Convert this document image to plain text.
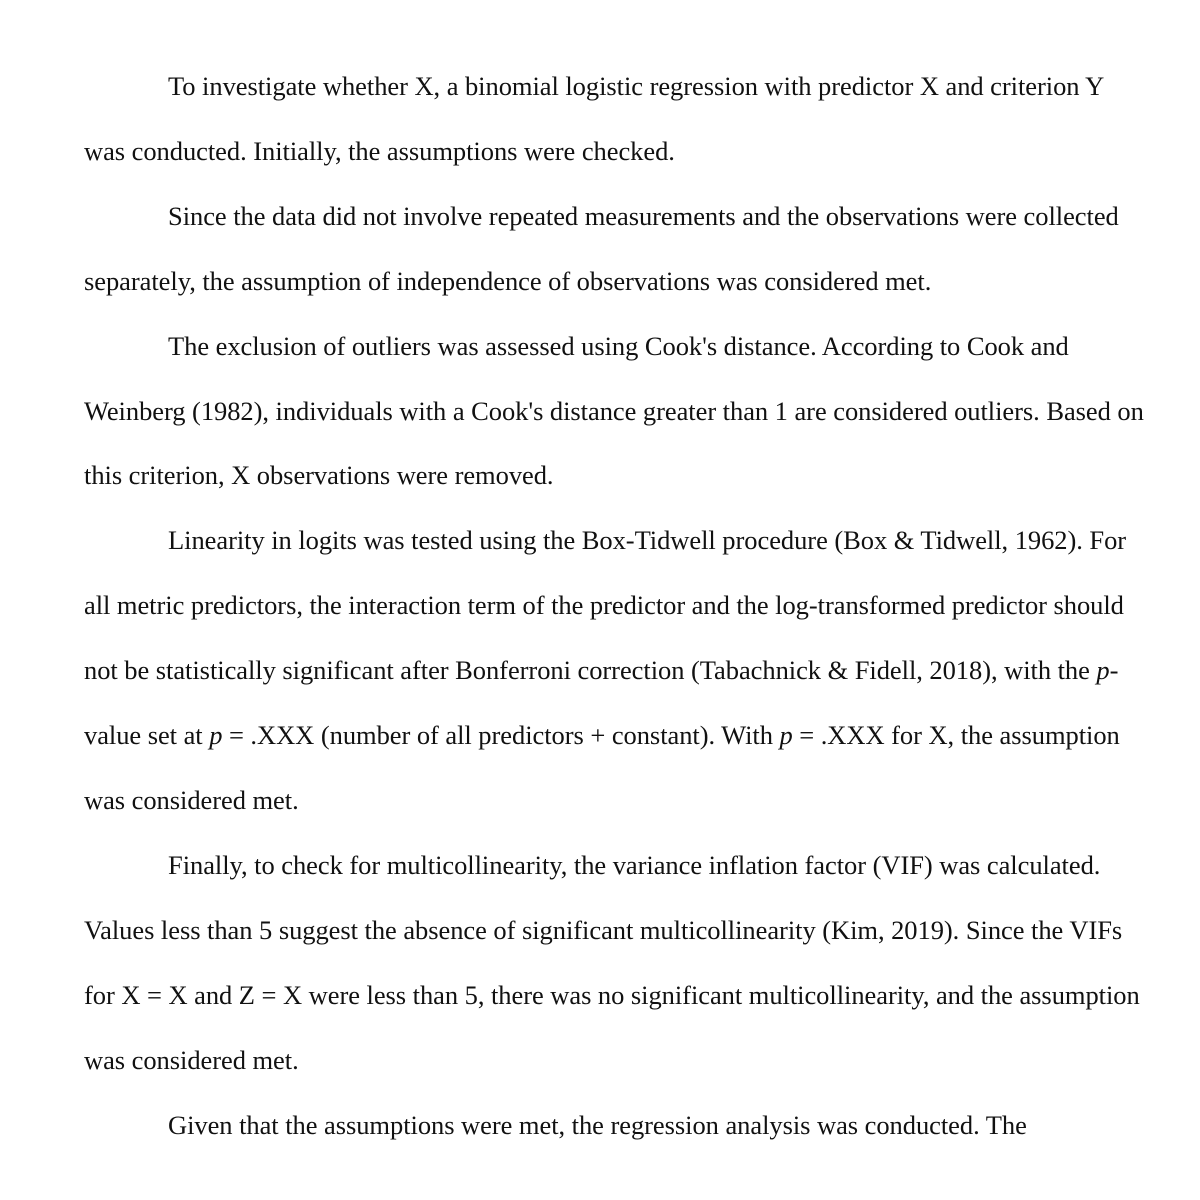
To investigate whether X, a binomial logistic regression with predictor X and criterion Y was conducted. Initially, the assumptions were checked.

Since the data did not involve repeated measurements and the observations were collected separately, the assumption of independence of observations was considered met.

The exclusion of outliers was assessed using Cook's distance. According to Cook and Weinberg (1982), individuals with a Cook's distance greater than 1 are considered outliers. Based on this criterion, X observations were removed.

Linearity in logits was tested using the Box-Tidwell procedure (Box & Tidwell, 1962). For all metric predictors, the interaction term of the predictor and the log-transformed predictor should not be statistically significant after Bonferroni correction (Tabachnick & Fidell, 2018), with the p-value set at p = .XXX (number of all predictors + constant). With p = .XXX for X, the assumption was considered met.

Finally, to check for multicollinearity, the variance inflation factor (VIF) was calculated. Values less than 5 suggest the absence of significant multicollinearity (Kim, 2019). Since the VIFs for X = X and Z = X were less than 5, there was no significant multicollinearity, and the assumption was considered met.

Given that the assumptions were met, the regression analysis was conducted. The
